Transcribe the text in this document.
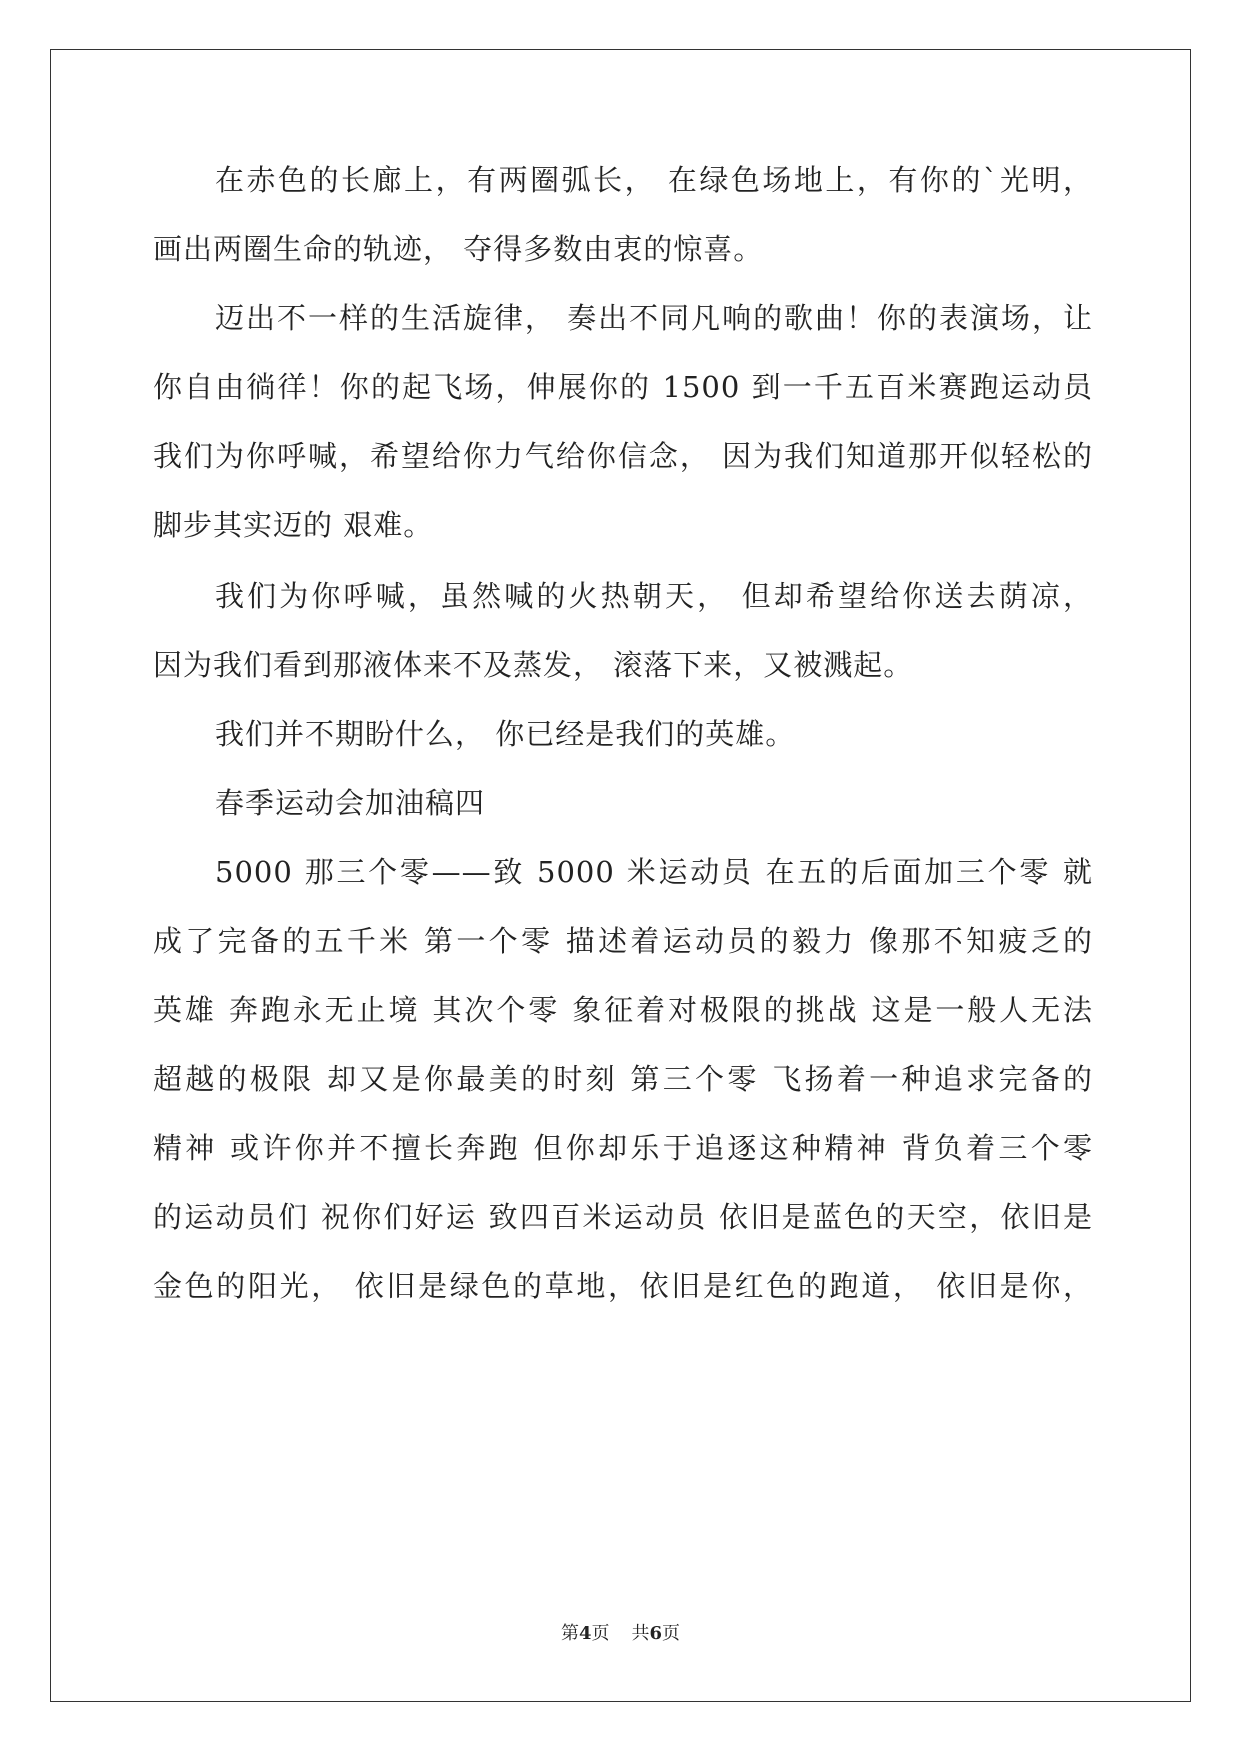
在赤色的长廊上，有两圈弧长， 在绿色场地上，有你的`光明，
画出两圈生命的轨迹， 夺得多数由衷的惊喜。
迈出不一样的生活旋律， 奏出不同凡响的歌曲！你的表演场，让
你自由徜徉！你的起飞场，伸展你的 1500 到一千五百米赛跑运动员
我们为你呼喊，希望给你力气给你信念， 因为我们知道那开似轻松的
脚步其实迈的 艰难。
我们为你呼喊，虽然喊的火热朝天， 但却希望给你送去荫凉，
因为我们看到那液体来不及蒸发， 滚落下来，又被溅起。
我们并不期盼什么， 你已经是我们的英雄。
春季运动会加油稿四
5000 那三个零——致 5000 米运动员 在五的后面加三个零 就
成了完备的五千米 第一个零 描述着运动员的毅力 像那不知疲乏的
英雄 奔跑永无止境 其次个零 象征着对极限的挑战 这是一般人无法
超越的极限 却又是你最美的时刻 第三个零 飞扬着一种追求完备的
精神 或许你并不擅长奔跑 但你却乐于追逐这种精神 背负着三个零
的运动员们 祝你们好运 致四百米运动员 依旧是蓝色的天空，依旧是
金色的阳光， 依旧是绿色的草地，依旧是红色的跑道， 依旧是你，
第4页 共6页
